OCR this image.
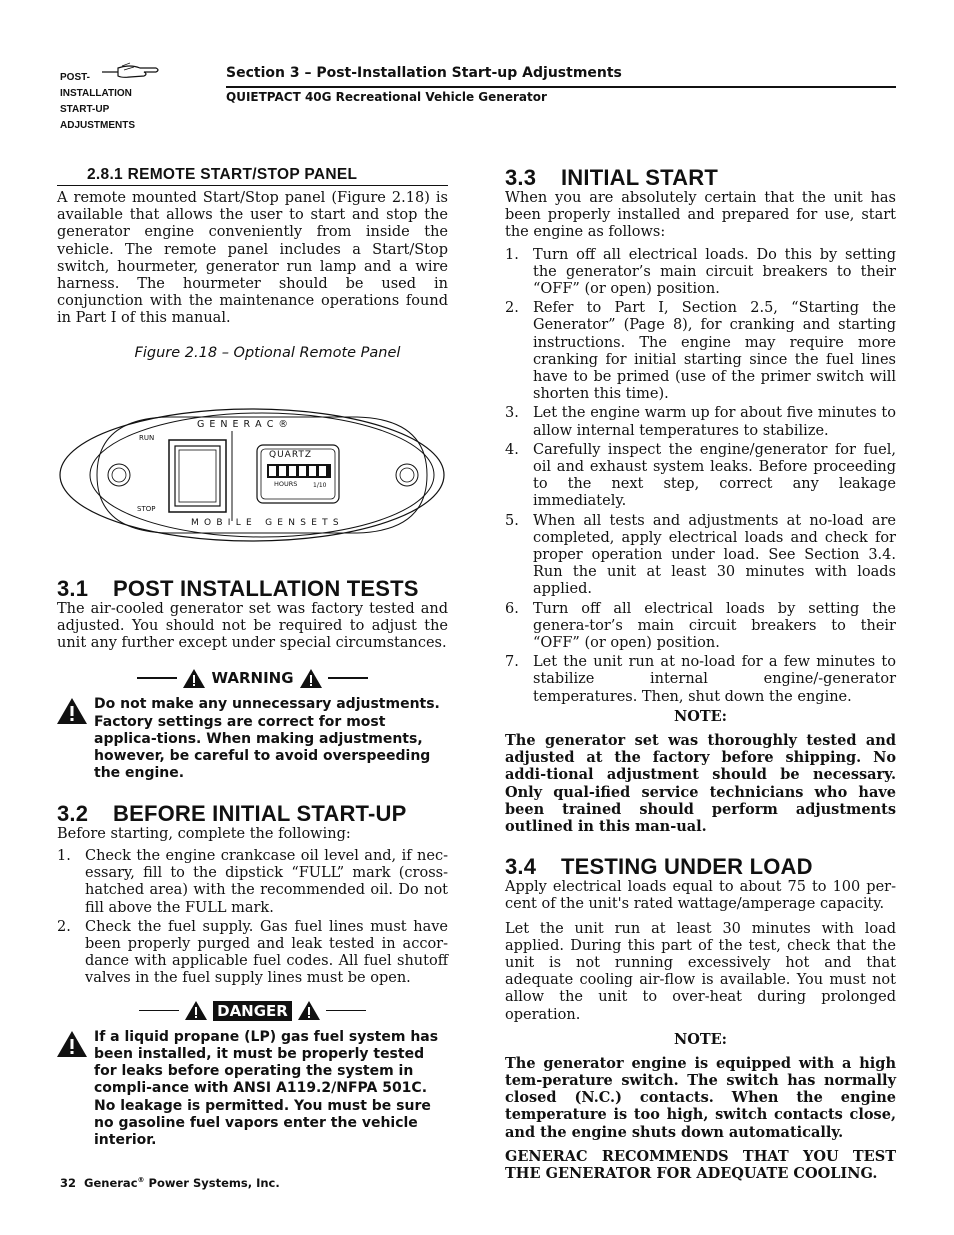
POST-
INSTALLATION
START-UP
ADJUSTMENTS
Section 3 – Post-Installation Start-up Adjustments
QUIETPACT 40G Recreational Vehicle Generator
2.8.1 REMOTE START/STOP PANEL

A remote mounted Start/Stop panel (Figure 2.18) is available that allows the user to start and stop the generator engine conveniently from inside the vehicle. The remote panel includes a Start/Stop switch, hourmeter, generator run lamp and a wire harness. The hourmeter should be used in conjunction with the maintenance operations found in Part I of this manual.

Figure 2.18 – Optional Remote Panel

G E N E R A C ®
RUN
STOP
QUARTZ
HOURS	1/10
M O B I L E   G E N S E T S
3.1 POST INSTALLATION TESTS

The air-cooled generator set was factory tested and adjusted. You should not be required to adjust the unit any further except under special circumstances.

WARNING
Do not make any unnecessary adjustments. Factory settings are correct for most applica-tions. When making adjustments, however, be careful to avoid overspeeding the engine.
3.2 BEFORE INITIAL START-UP

Before starting, complete the following:

1. Check the engine crankcase oil level and, if nec-essary, fill to the dipstick “FULL” mark (cross-hatched area) with the recommended oil. Do not fill above the FULL mark.
2. Check the fuel supply. Gas fuel lines must have been properly purged and leak tested in accor-dance with applicable fuel codes. All fuel shutoff valves in the fuel supply lines must be open.
DANGER
If a liquid propane (LP) gas fuel system has been installed, it must be properly tested for leaks before operating the system in compli-ance with ANSI A119.2/NFPA 501C. No leakage is permitted. You must be sure no gasoline fuel vapors enter the vehicle interior.
3.3 INITIAL START

When you are absolutely certain that the unit has been properly installed and prepared for use, start the engine as follows:

1. Turn off all electrical loads. Do this by setting the generator’s main circuit breakers to their “OFF” (or open) position.
2. Refer to Part I, Section 2.5, “Starting the Generator” (Page 8), for cranking and starting instructions. The engine may require more cranking for initial starting since the fuel lines have to be primed (use of the primer switch will shorten this time).
3. Let the engine warm up for about five minutes to allow internal temperatures to stabilize.
4. Carefully inspect the engine/generator for fuel, oil and exhaust system leaks. Before proceeding to the next step, correct any leakage immediately.
5. When all tests and adjustments at no-load are completed, apply electrical loads and check for proper operation under load. See Section 3.4. Run the unit at least 30 minutes with loads applied.
6. Turn off all electrical loads by setting the genera-tor’s main circuit breakers to their “OFF” (or open) position.
7. Let the unit run at no-load for a few minutes to stabilize internal engine/-generator temperatures. Then, shut down the engine.

NOTE:

The generator set was thoroughly tested and adjusted at the factory before shipping. No addi-tional adjustment should be necessary. Only qual-ified service technicians who have been trained should perform adjustments outlined in this man-ual.

3.4 TESTING UNDER LOAD

Apply electrical loads equal to about 75 to 100 per-cent of the unit's rated wattage/amperage capacity.

Let the unit run at least 30 minutes with load applied. During this part of the test, check that the unit is not running excessively hot and that adequate cooling air-flow is available. You must not allow the unit to over-heat during prolonged operation.

NOTE:

The generator engine is equipped with a high tem-perature switch. The switch has normally closed (N.C.) contacts. When the engine temperature is too high, switch contacts close, and the engine shuts down automatically.

GENERAC RECOMMENDS THAT YOU TEST THE GENERATOR FOR ADEQUATE COOLING.

32 Generac® Power Systems, Inc.
